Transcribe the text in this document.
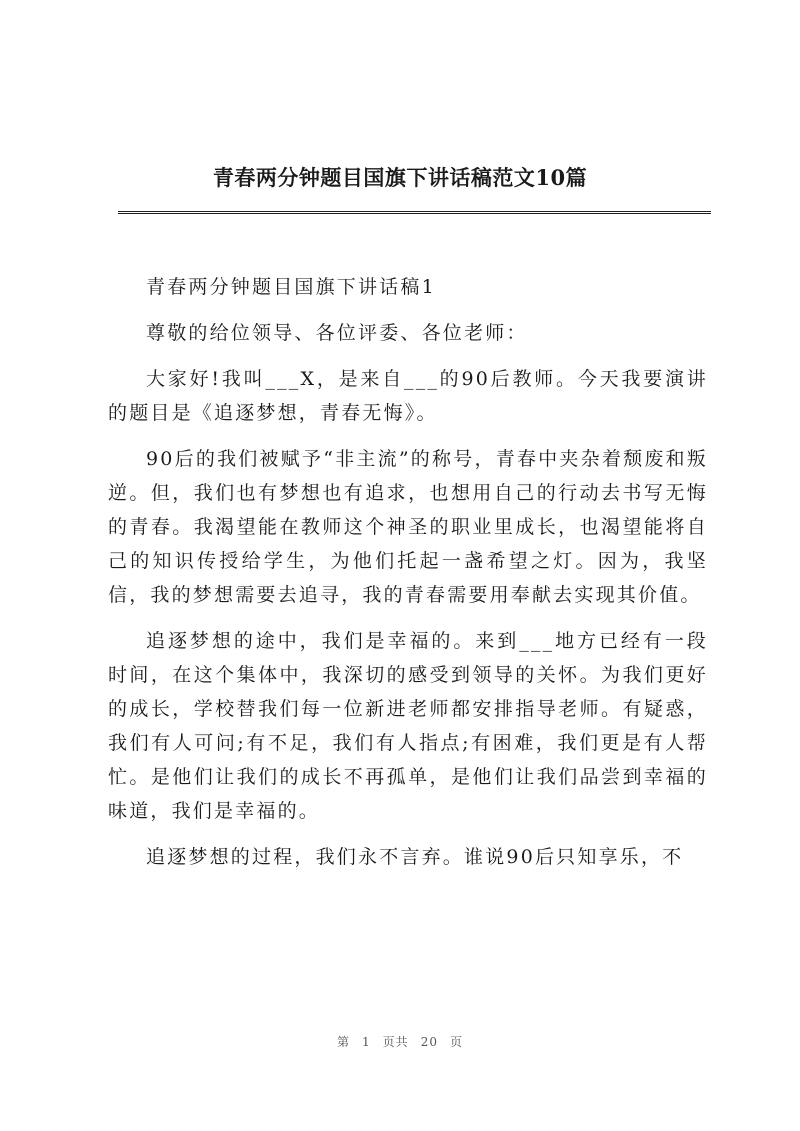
青春两分钟题目国旗下讲话稿范文10篇

青春两分钟题目国旗下讲话稿1

尊敬的给位领导、各位评委、各位老师：

大家好!我叫___X，是来自___的90后教师。今天我要演讲的题目是《追逐梦想，青春无悔》。

90后的我们被赋予“非主流”的称号，青春中夹杂着颓废和叛逆。但，我们也有梦想也有追求，也想用自己的行动去书写无悔的青春。我渴望能在教师这个神圣的职业里成长，也渴望能将自己的知识传授给学生，为他们托起一盏希望之灯。因为，我坚信，我的梦想需要去追寻，我的青春需要用奉献去实现其价值。

追逐梦想的途中，我们是幸福的。来到___地方已经有一段时间，在这个集体中，我深切的感受到领导的关怀。为我们更好的成长，学校替我们每一位新进老师都安排指导老师。有疑惑，我们有人可问;有不足，我们有人指点;有困难，我们更是有人帮忙。是他们让我们的成长不再孤单，是他们让我们品尝到幸福的味道，我们是幸福的。

追逐梦想的过程，我们永不言弃。谁说90后只知享乐，不

第 1 页共 20 页
